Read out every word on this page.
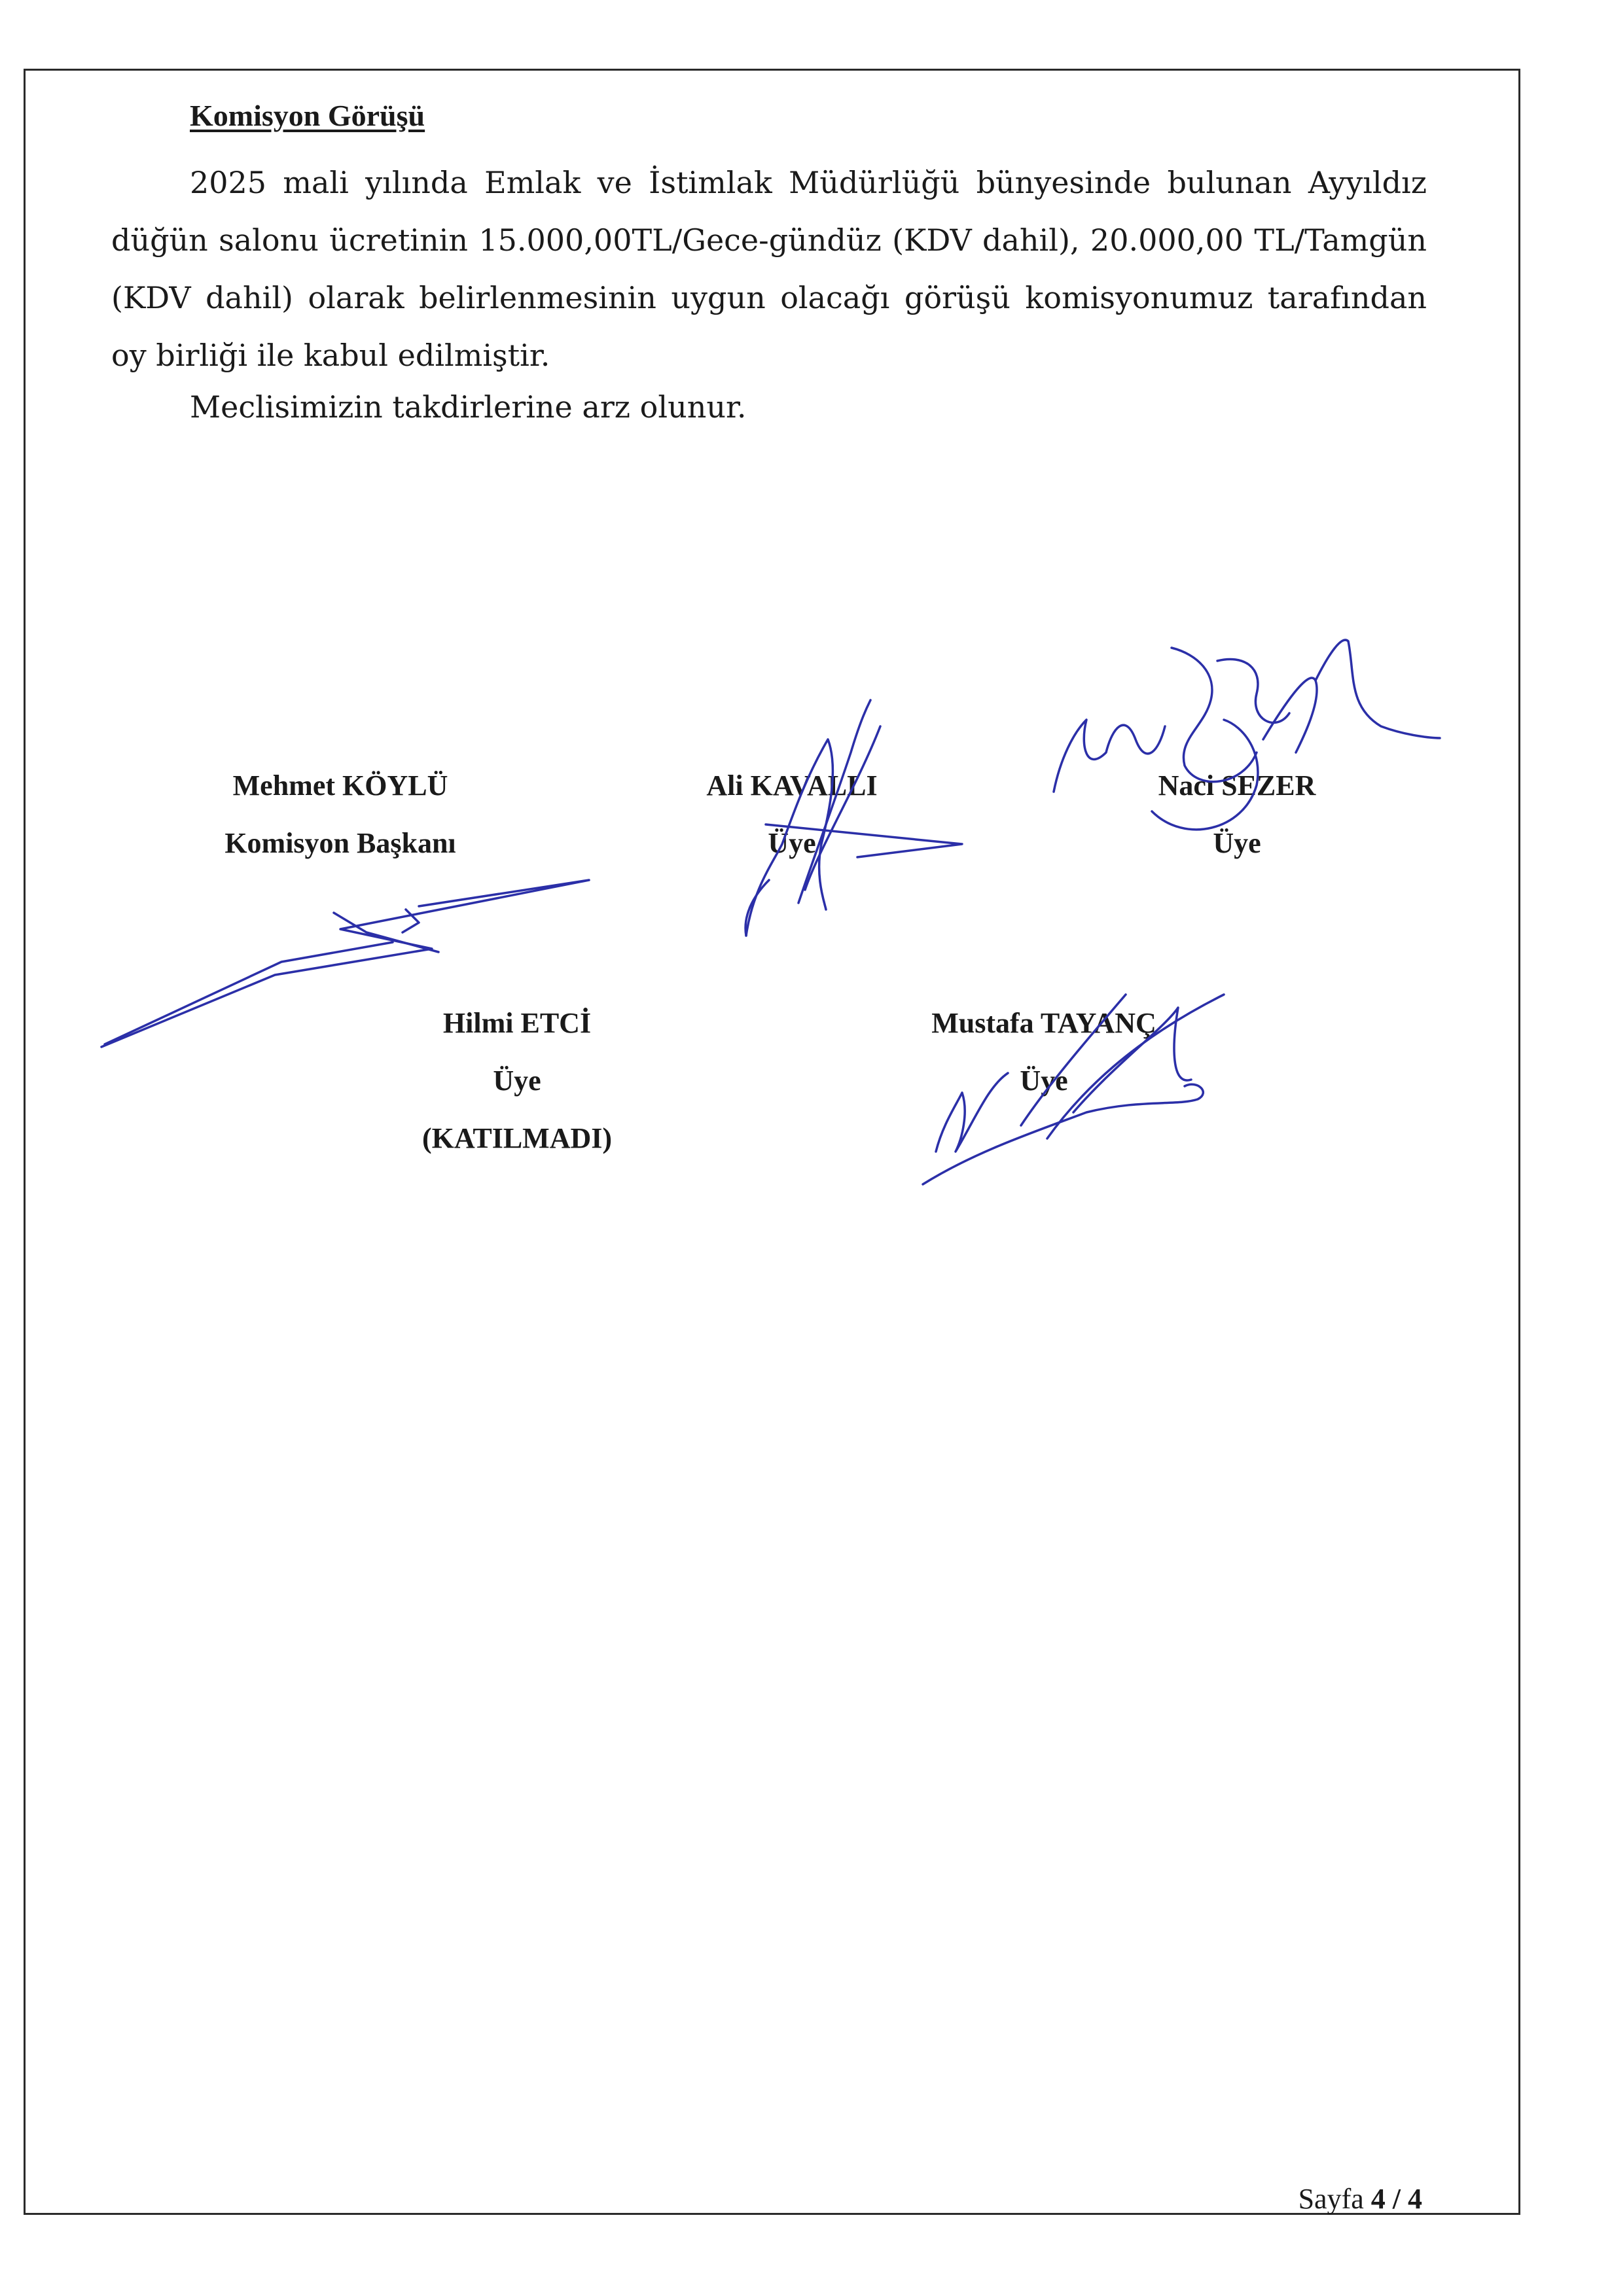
Komisyon Görüşü

2025 mali yılında Emlak ve İstimlak Müdürlüğü bünyesinde bulunan Ayyıldız düğün salonu ücretinin 15.000,00TL/Gece-gündüz (KDV dahil), 20.000,00 TL/Tamgün (KDV dahil) olarak belirlenmesinin uygun olacağı görüşü komisyonumuz tarafından oy birliği ile kabul edilmiştir.

Meclisimizin takdirlerine arz olunur.

Mehmet KÖYLÜ
Komisyon Başkanı
Ali KAVALLI
Üye
Naci SEZER
Üye
Hilmi ETCİ
Üye
(KATILMADI)
Mustafa TAYANÇ
Üye
Sayfa 4 / 4
